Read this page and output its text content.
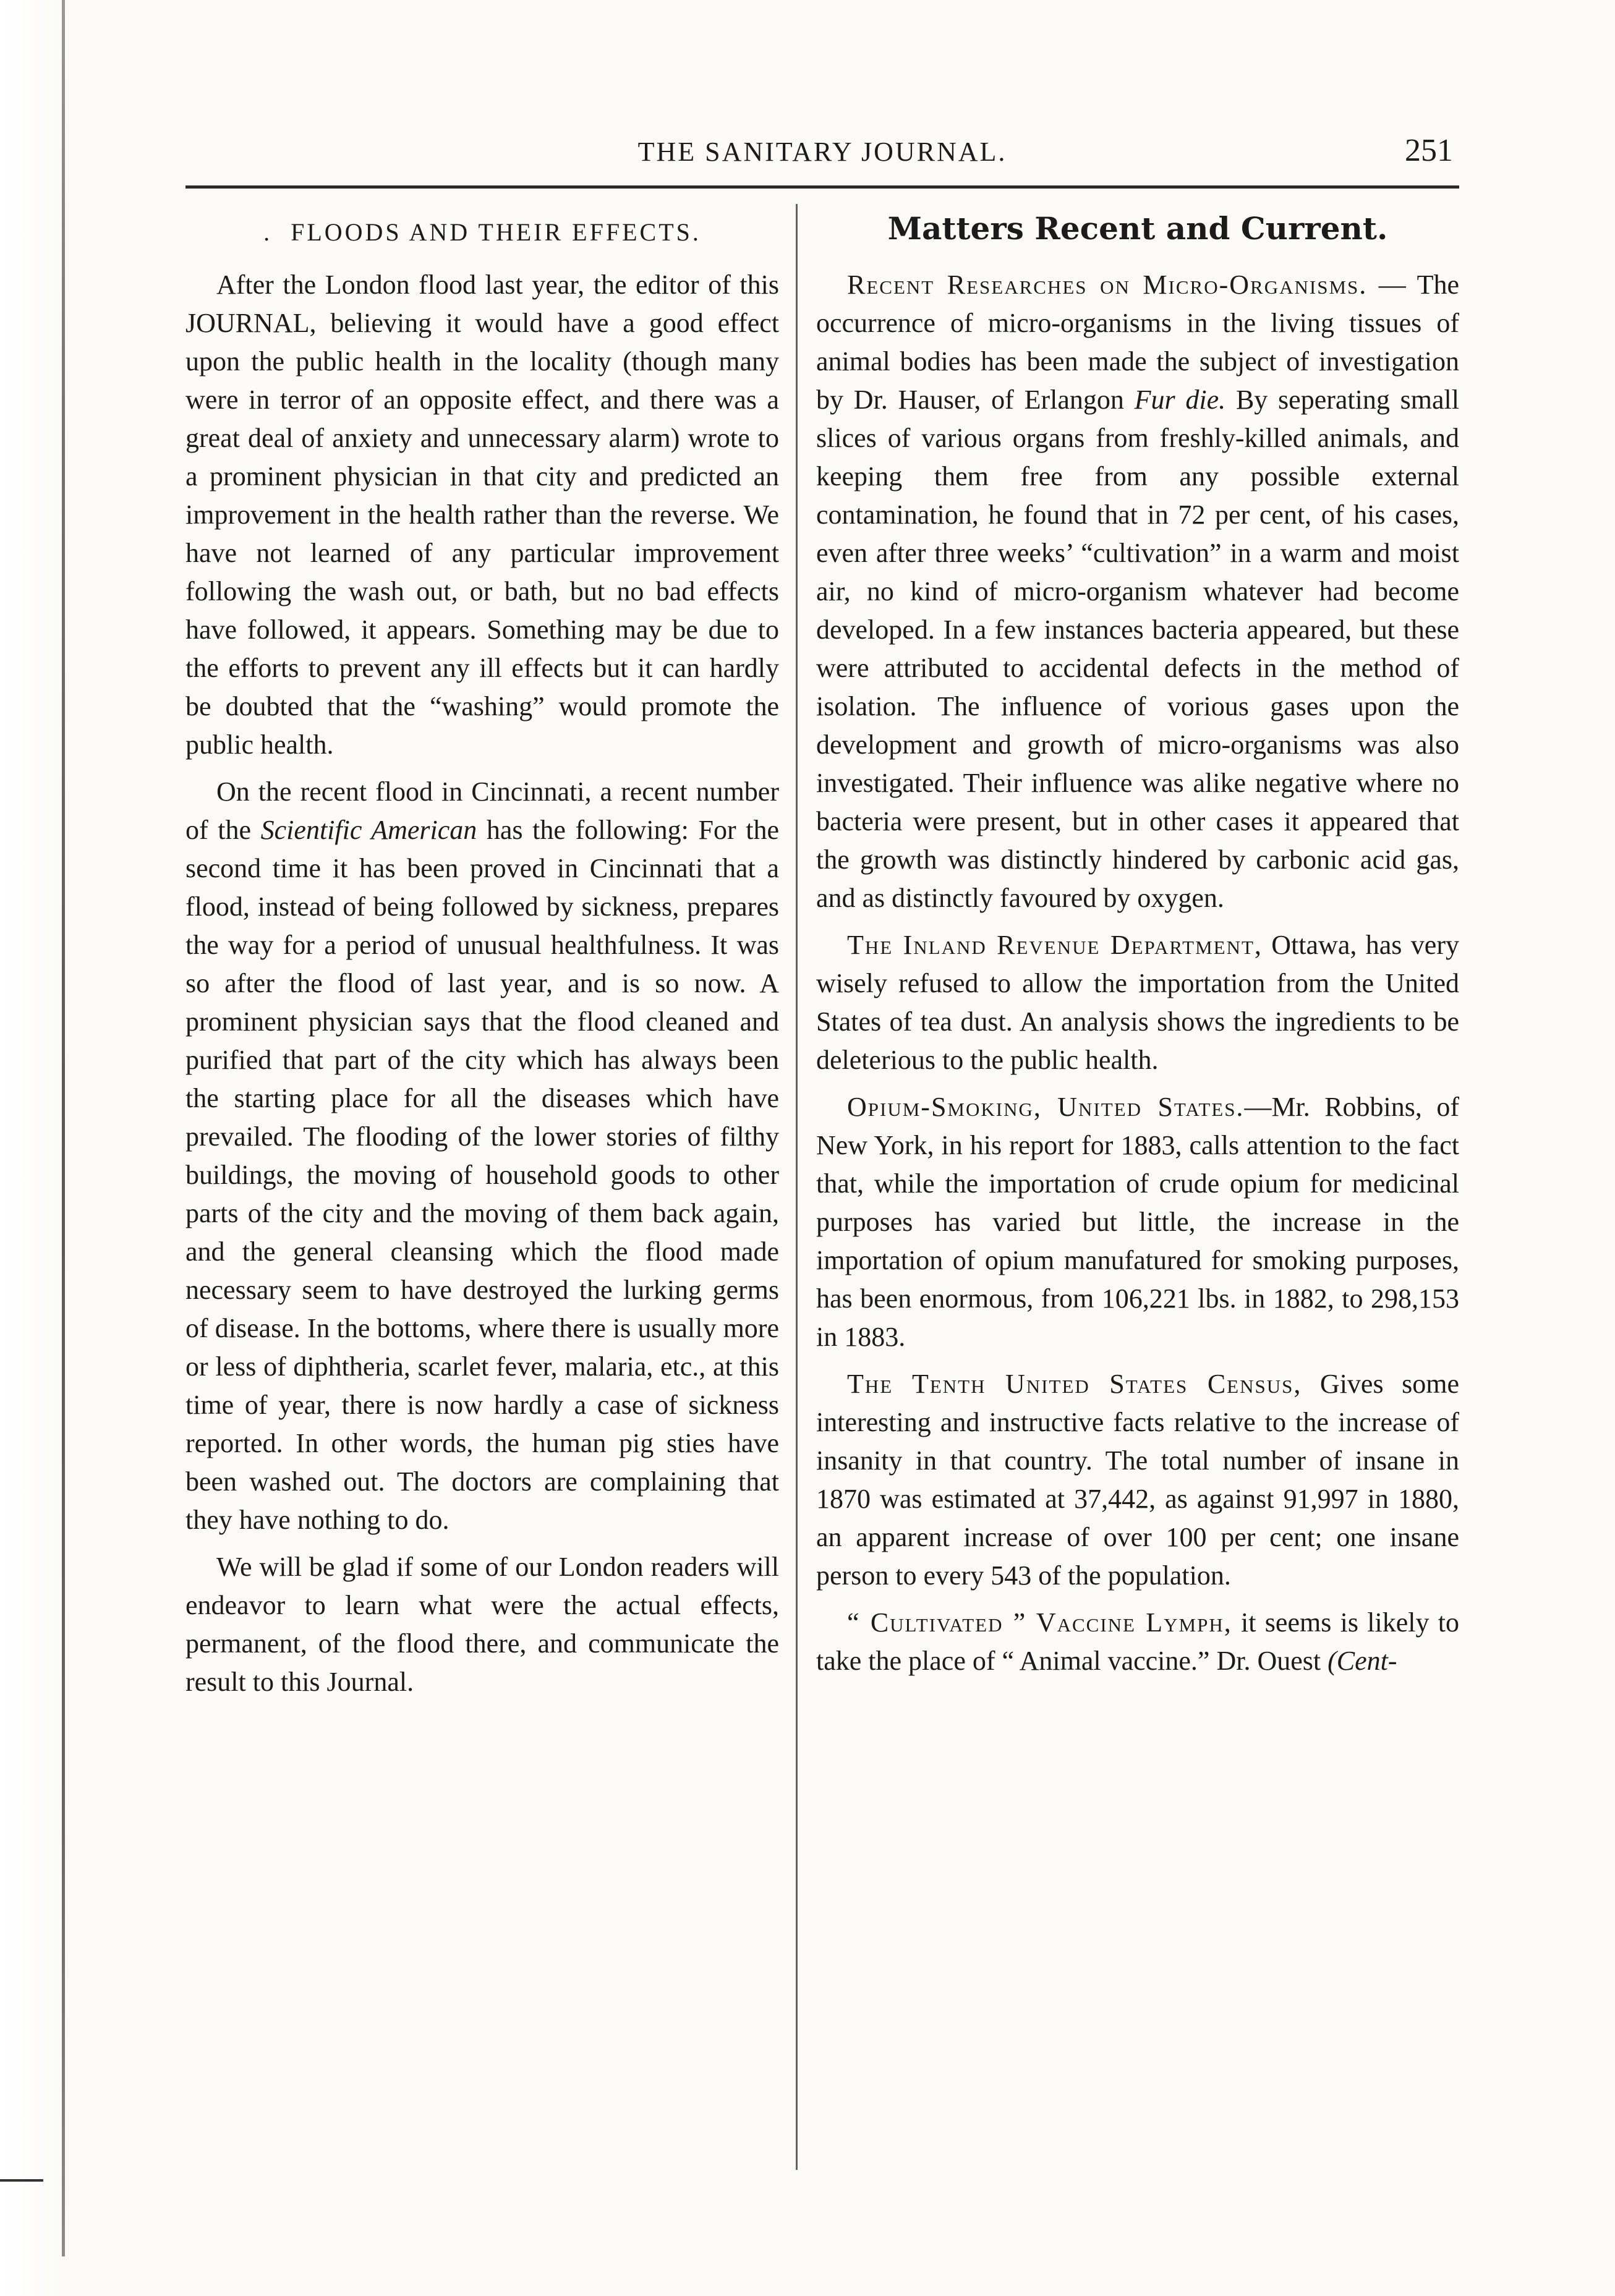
THE SANITARY JOURNAL.	251
. FLOODS AND THEIR EFFECTS.

After the London flood last year, the editor of this JOURNAL, believing it would have a good effect upon the public health in the locality (though many were in terror of an opposite effect, and there was a great deal of anxiety and unnecessary alarm) wrote to a prominent physician in that city and predicted an improvement in the health rather than the reverse. We have not learned of any particular improvement following the wash out, or bath, but no bad effects have followed, it appears. Something may be due to the efforts to prevent any ill effects but it can hardly be doubted that the “washing” would promote the public health.

On the recent flood in Cincinnati, a recent number of the Scientific American has the following: For the second time it has been proved in Cincinnati that a flood, instead of being followed by sickness, prepares the way for a period of unusual healthfulness. It was so after the flood of last year, and is so now. A prominent physician says that the flood cleaned and purified that part of the city which has always been the starting place for all the diseases which have prevailed. The flooding of the lower stories of filthy buildings, the moving of household goods to other parts of the city and the moving of them back again, and the general cleansing which the flood made necessary seem to have destroyed the lurking germs of disease. In the bottoms, where there is usually more or less of diphtheria, scarlet fever, malaria, etc., at this time of year, there is now hardly a case of sickness reported. In other words, the human pig sties have been washed out. The doctors are complaining that they have nothing to do.

We will be glad if some of our London readers will endeavor to learn what were the actual effects, permanent, of the flood there, and communicate the result to this Journal.

Matters Recent and Current.

Recent Researches on Micro-Organisms. — The occurrence of micro-organisms in the living tissues of animal bodies has been made the subject of investigation by Dr. Hauser, of Erlangon Fur die. By seperating small slices of various organs from freshly-killed animals, and keeping them free from any possible external contamination, he found that in 72 per cent, of his cases, even after three weeks’ “cultivation” in a warm and moist air, no kind of micro-organism whatever had become developed. In a few instances bacteria appeared, but these were attributed to accidental defects in the method of isolation. The influence of vorious gases upon the development and growth of micro-organisms was also investigated. Their influence was alike negative where no bacteria were present, but in other cases it appeared that the growth was distinctly hindered by carbonic acid gas, and as distinctly favoured by oxygen.

The Inland Revenue Department, Ottawa, has very wisely refused to allow the importation from the United States of tea dust. An analysis shows the ingredients to be deleterious to the public health.

Opium-Smoking, United States.—Mr. Robbins, of New York, in his report for 1883, calls attention to the fact that, while the importation of crude opium for medicinal purposes has varied but little, the increase in the importation of opium manufatured for smoking purposes, has been enormous, from 106,221 lbs. in 1882, to 298,153 in 1883.

The Tenth United States Census, Gives some interesting and instructive facts relative to the increase of insanity in that country. The total number of insane in 1870 was estimated at 37,442, as against 91,997 in 1880, an apparent increase of over 100 per cent; one insane person to every 543 of the population.

“ Cultivated ” Vaccine Lymph, it seems is likely to take the place of “ Animal vaccine.” Dr. Ouest (Cent-
